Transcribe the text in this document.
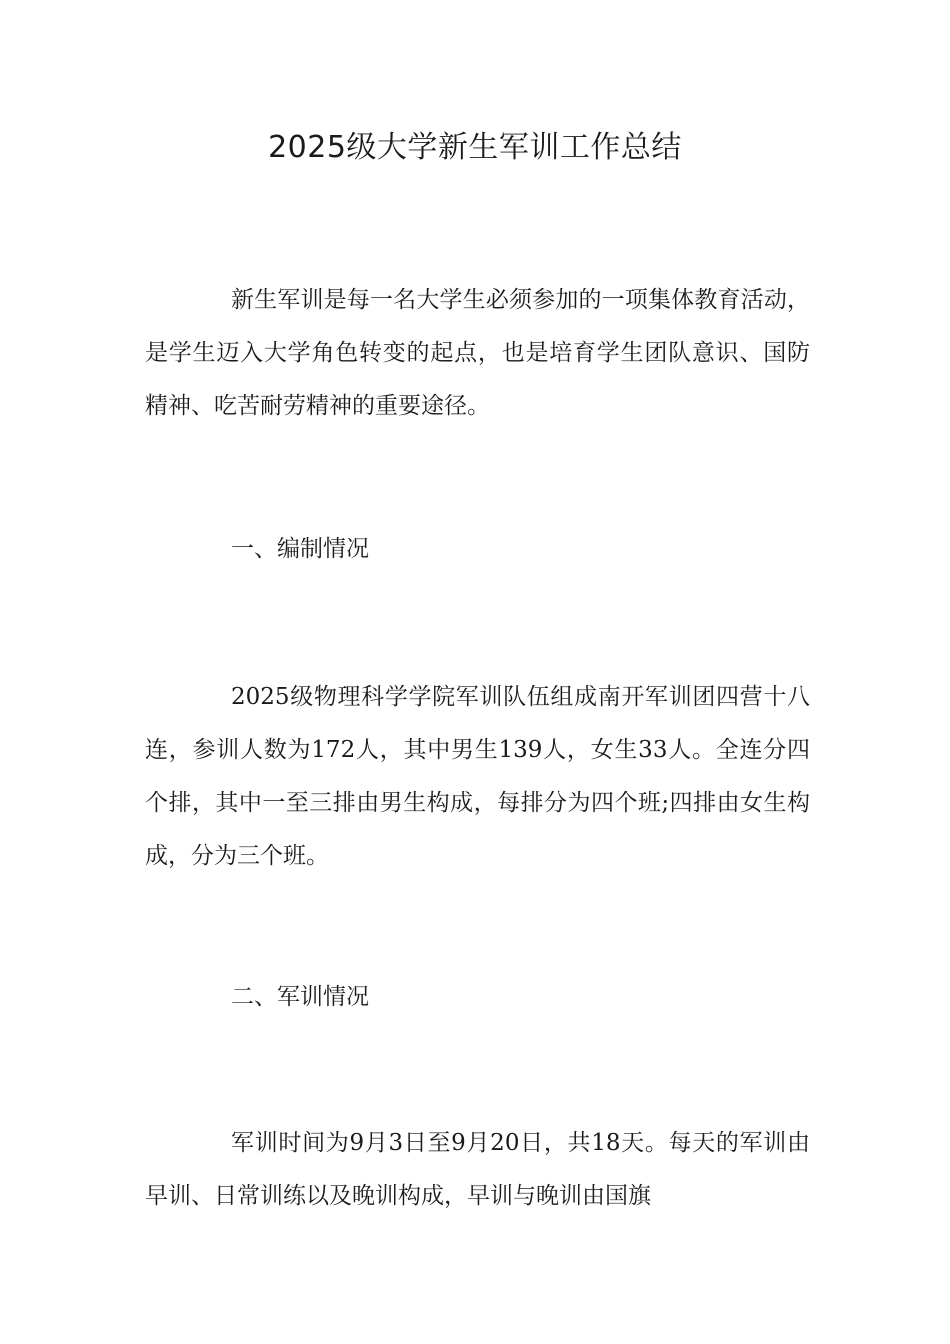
2025级大学新生军训工作总结

新生军训是每一名大学生必须参加的一项集体教育活动，是学生迈入大学角色转变的起点，也是培育学生团队意识、国防精神、吃苦耐劳精神的重要途径。

一、编制情况

2025级物理科学学院军训队伍组成南开军训团四营十八连，参训人数为172人，其中男生139人，女生33人。全连分四个排，其中一至三排由男生构成，每排分为四个班;四排由女生构成，分为三个班。

二、军训情况

军训时间为9月3日至9月20日，共18天。每天的军训由早训、日常训练以及晚训构成，早训与晚训由国旗
